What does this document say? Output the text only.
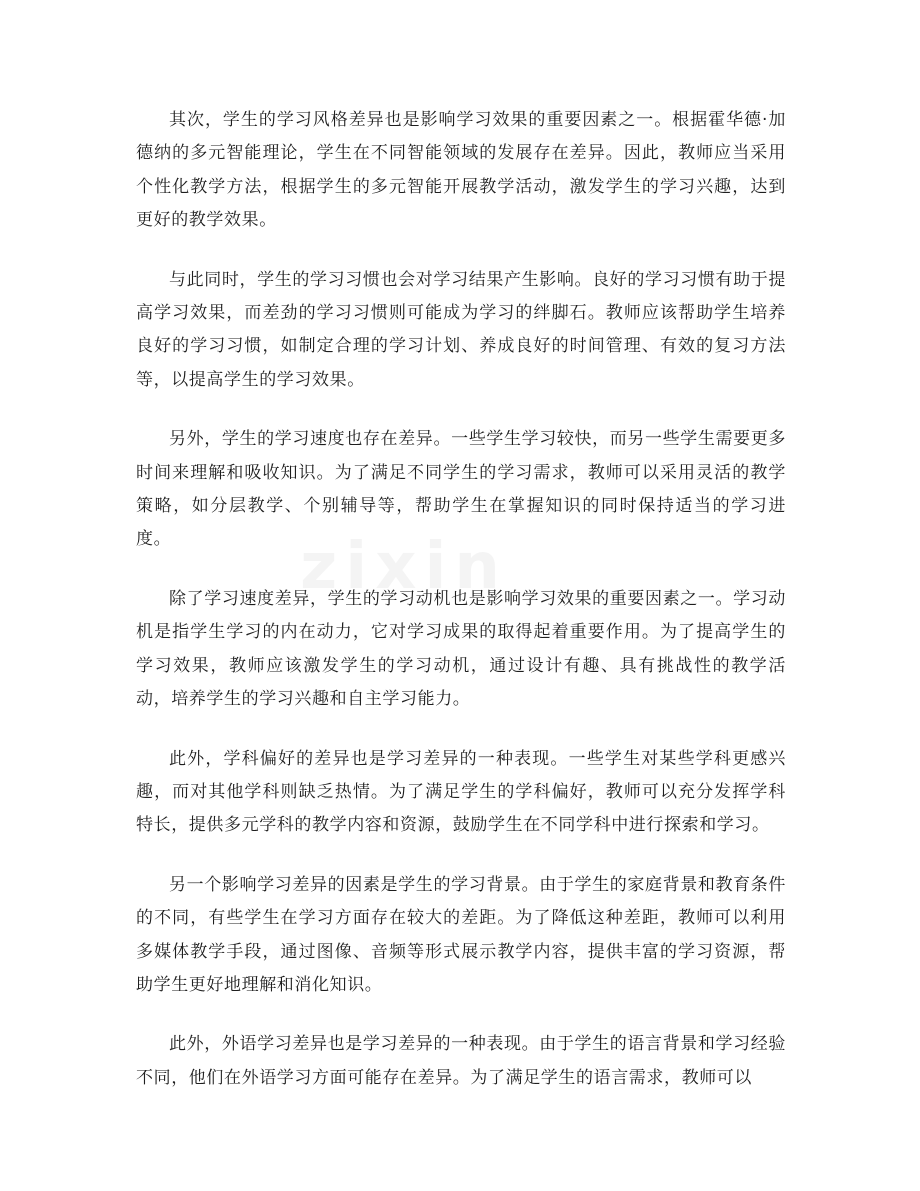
其次，学生的学习风格差异也是影响学习效果的重要因素之一。根据霍华德·加德纳的多元智能理论，学生在不同智能领域的发展存在差异。因此，教师应当采用个性化教学方法，根据学生的多元智能开展教学活动，激发学生的学习兴趣，达到更好的教学效果。

与此同时，学生的学习习惯也会对学习结果产生影响。良好的学习习惯有助于提高学习效果，而差劲的学习习惯则可能成为学习的绊脚石。教师应该帮助学生培养良好的学习习惯，如制定合理的学习计划、养成良好的时间管理、有效的复习方法等，以提高学生的学习效果。

另外，学生的学习速度也存在差异。一些学生学习较快，而另一些学生需要更多时间来理解和吸收知识。为了满足不同学生的学习需求，教师可以采用灵活的教学策略，如分层教学、个别辅导等，帮助学生在掌握知识的同时保持适当的学习进度。

除了学习速度差异，学生的学习动机也是影响学习效果的重要因素之一。学习动机是指学生学习的内在动力，它对学习成果的取得起着重要作用。为了提高学生的学习效果，教师应该激发学生的学习动机，通过设计有趣、具有挑战性的教学活动，培养学生的学习兴趣和自主学习能力。

此外，学科偏好的差异也是学习差异的一种表现。一些学生对某些学科更感兴趣，而对其他学科则缺乏热情。为了满足学生的学科偏好，教师可以充分发挥学科特长，提供多元学科的教学内容和资源，鼓励学生在不同学科中进行探索和学习。

另一个影响学习差异的因素是学生的学习背景。由于学生的家庭背景和教育条件的不同，有些学生在学习方面存在较大的差距。为了降低这种差距，教师可以利用多媒体教学手段，通过图像、音频等形式展示教学内容，提供丰富的学习资源，帮助学生更好地理解和消化知识。

此外，外语学习差异也是学习差异的一种表现。由于学生的语言背景和学习经验不同，他们在外语学习方面可能存在差异。为了满足学生的语言需求，教师可以
